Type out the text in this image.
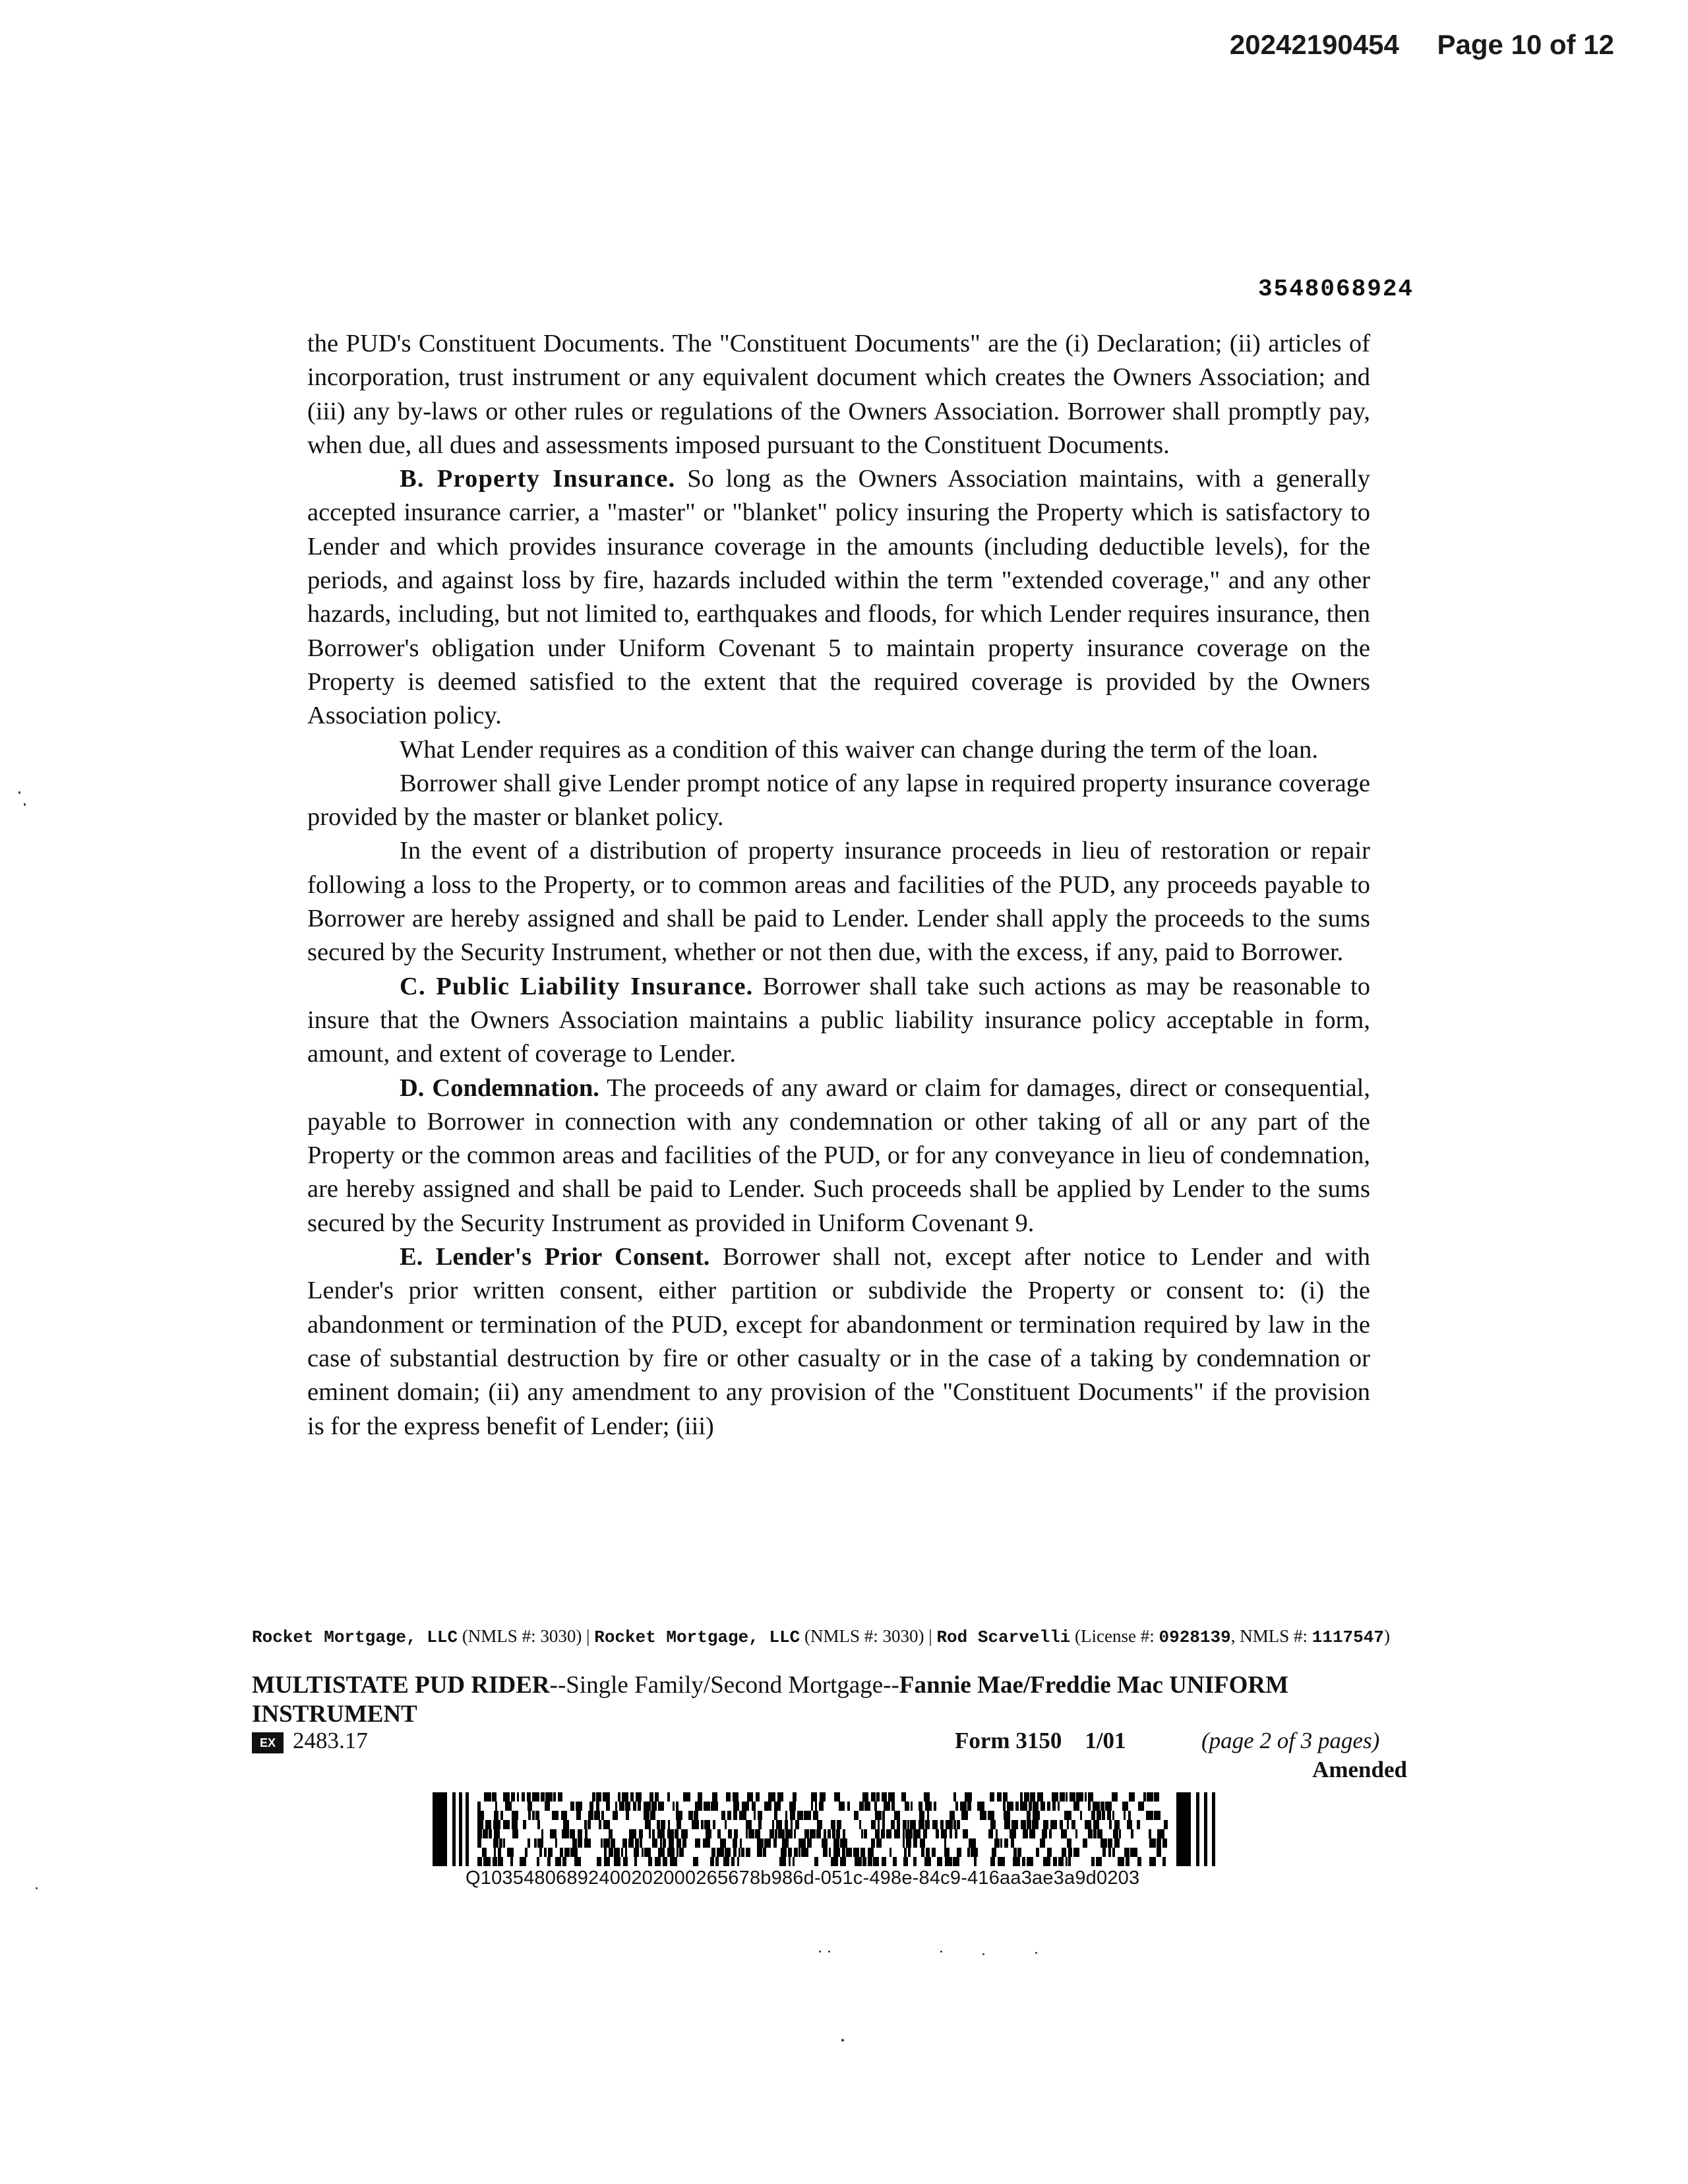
20242190454 Page 10 of 12
3548068924

the PUD's Constituent Documents. The "Constituent Documents" are the (i) Declaration; (ii) articles of incorporation, trust instrument or any equivalent document which creates the Owners Association; and (iii) any by-laws or other rules or regulations of the Owners Association. Borrower shall promptly pay, when due, all dues and assessments imposed pursuant to the Constituent Documents.

B. Property Insurance. So long as the Owners Association maintains, with a generally accepted insurance carrier, a "master" or "blanket" policy insuring the Property which is satisfactory to Lender and which provides insurance coverage in the amounts (including deductible levels), for the periods, and against loss by fire, hazards included within the term "extended coverage," and any other hazards, including, but not limited to, earthquakes and floods, for which Lender requires insurance, then Borrower's obligation under Uniform Covenant 5 to maintain property insurance coverage on the Property is deemed satisfied to the extent that the required coverage is provided by the Owners Association policy.

What Lender requires as a condition of this waiver can change during the term of the loan.

Borrower shall give Lender prompt notice of any lapse in required property insurance coverage provided by the master or blanket policy.

In the event of a distribution of property insurance proceeds in lieu of restoration or repair following a loss to the Property, or to common areas and facilities of the PUD, any proceeds payable to Borrower are hereby assigned and shall be paid to Lender. Lender shall apply the proceeds to the sums secured by the Security Instrument, whether or not then due, with the excess, if any, paid to Borrower.

C. Public Liability Insurance. Borrower shall take such actions as may be reasonable to insure that the Owners Association maintains a public liability insurance policy acceptable in form, amount, and extent of coverage to Lender.

D. Condemnation. The proceeds of any award or claim for damages, direct or consequential, payable to Borrower in connection with any condemnation or other taking of all or any part of the Property or the common areas and facilities of the PUD, or for any conveyance in lieu of condemnation, are hereby assigned and shall be paid to Lender. Such proceeds shall be applied by Lender to the sums secured by the Security Instrument as provided in Uniform Covenant 9.

E. Lender's Prior Consent. Borrower shall not, except after notice to Lender and with Lender's prior written consent, either partition or subdivide the Property or consent to: (i) the abandonment or termination of the PUD, except for abandonment or termination required by law in the case of substantial destruction by fire or other casualty or in the case of a taking by condemnation or eminent domain; (ii) any amendment to any provision of the "Constituent Documents" if the provision is for the express benefit of Lender; (iii)

Rocket Mortgage, LLC (NMLS #: 3030) | Rocket Mortgage, LLC (NMLS #: 3030) | Rod Scarvelli (License #: 0928139, NMLS #: 1117547)
MULTISTATE PUD RIDER--Single Family/Second Mortgage--Fannie Mae/Freddie Mac UNIFORM INSTRUMENT
EX 2483.17	Form 3150    1/01	(page 2 of 3 pages)
Amended
Q10354806892400202000265678b986d-051c-498e-84c9-416aa3ae3a9d0203
